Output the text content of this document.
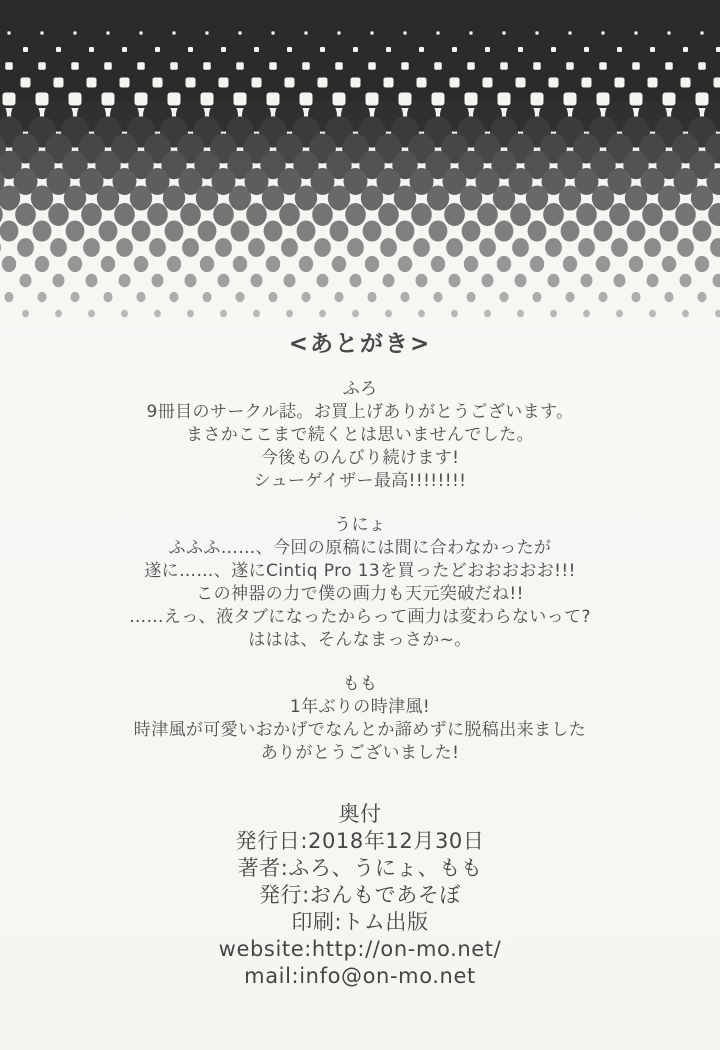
<あとがき>

ふろ

9冊目のサークル誌。お買上げありがとうございます。

まさかここまで続くとは思いませんでした。

今後ものんびり続けます!

シューゲイザー最高!!!!!!!!

うにょ

ふふふ……、今回の原稿には間に合わなかったが

遂に……、遂にCintiq Pro 13を買ったどおおおおお!!!

この神器の力で僕の画力も天元突破だね!!

……えっ、液タブになったからって画力は変わらないって?

ははは、そんなまっさか~。

もも

1年ぶりの時津風!

時津風が可愛いおかげでなんとか諦めずに脱稿出来ました

ありがとうございました!

奥付

発行日:2018年12月30日

著者:ふろ、うにょ、もも

発行:おんもであそぼ

印刷:トム出版

website:http://on-mo.net/

mail:info@on-mo.net
